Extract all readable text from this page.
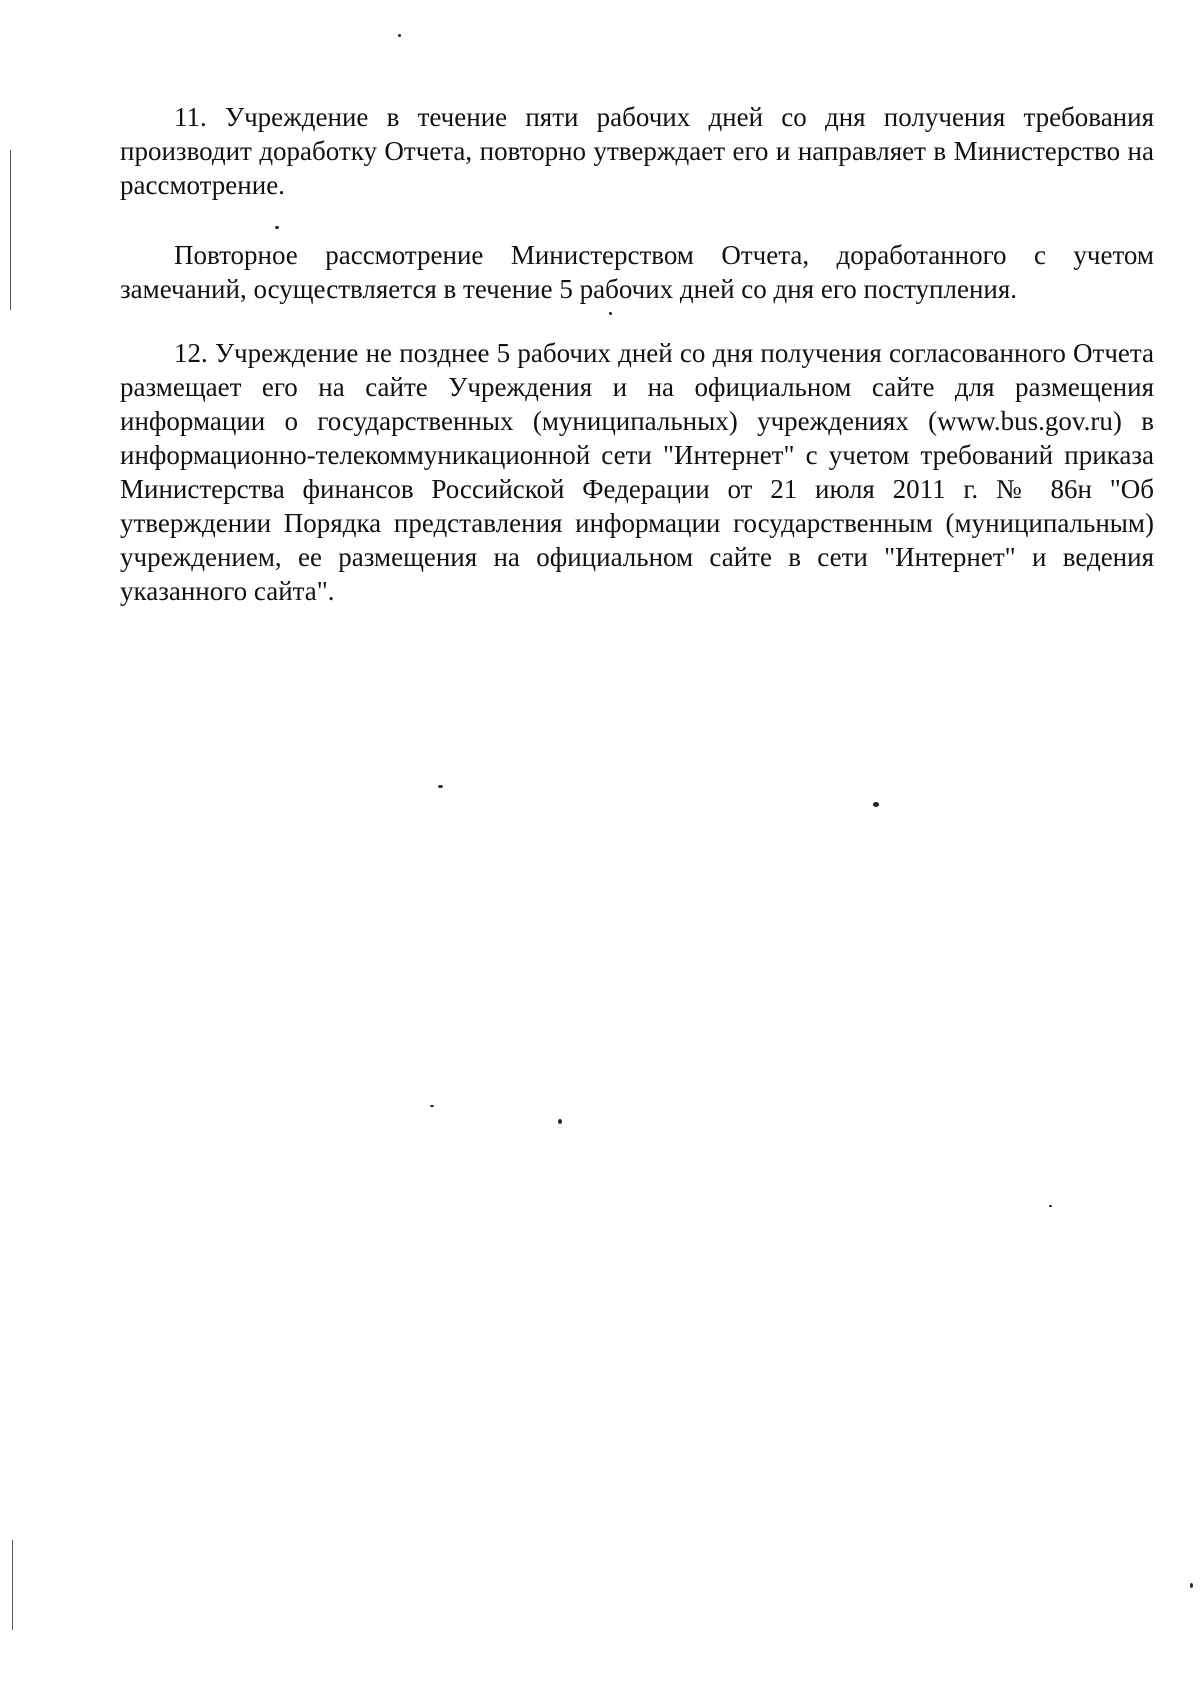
11. Учреждение в течение пяти рабочих дней со дня получения требования производит доработку Отчета, повторно утверждает его и направляет в Министерство на рассмотрение.

Повторное рассмотрение Министерством Отчета, доработанного с учетом замечаний, осуществляется в течение 5 рабочих дней со дня его поступления.

12. Учреждение не позднее 5 рабочих дней со дня получения согласованного Отчета размещает его на сайте Учреждения и на официальном сайте для размещения информации о государственных (муниципальных) учреждениях (www.bus.gov.ru) в информационно-телекоммуникационной сети "Интернет" с учетом требований приказа Министерства финансов Российской Федерации от 21 июля 2011 г. № 86н "Об утверждении Порядка представления информации государственным (муниципальным) учреждением, ее размещения на официальном сайте в сети "Интернет" и ведения указанного сайта".
